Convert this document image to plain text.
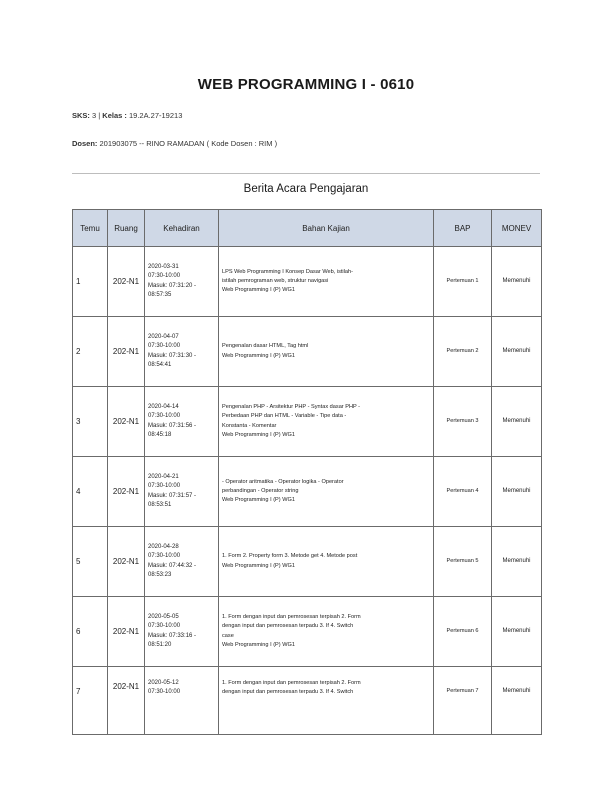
WEB PROGRAMMING I - 0610
SKS: 3 | Kelas : 19.2A.27-19213
Dosen: 201903075 -- RINO RAMADAN ( Kode Dosen : RIM )
Berita Acara Pengajaran
Temu	Ruang	Kehadiran	Bahan Kajian	BAP	MONEV
1	202-N1	2020-03-31
07:30-10:00
Masuk: 07:31:20 -
08:57:35	LPS Web Programming I Konsep Dasar Web, istilah-
istilah pemrograman web, struktur navigasi
Web Programming I (P) WG1	Pertemuan 1	Memenuhi
2	202-N1	2020-04-07
07:30-10:00
Masuk: 07:31:30 -
08:54:41	Pengenalan dasar HTML, Tag html
Web Programming I (P) WG1	Pertemuan 2	Memenuhi
3	202-N1	2020-04-14
07:30-10:00
Masuk: 07:31:56 -
08:45:18	Pengenalan PHP - Arsitektur PHP - Syntax dasar PHP -
Perbedaan PHP dan HTML - Variable - Tipe data -
Konstanta - Komentar
Web Programming I (P) WG1	Pertemuan 3	Memenuhi
4	202-N1	2020-04-21
07:30-10:00
Masuk: 07:31:57 -
08:53:51	- Operator aritmatika - Operator logika - Operator
perbandingan - Operator string
Web Programming I (P) WG1	Pertemuan 4	Memenuhi
5	202-N1	2020-04-28
07:30-10:00
Masuk: 07:44:32 -
08:53:23	1. Form 2. Property form 3. Metode get 4. Metode post
Web Programming I (P) WG1	Pertemuan 5	Memenuhi
6	202-N1	2020-05-05
07:30-10:00
Masuk: 07:33:16 -
08:51:20	1. Form dengan input dan pemrosesan terpisah 2. Form
dengan input dan pemrosesan terpadu 3. If 4. Switch
case
Web Programming I (P) WG1	Pertemuan 6	Memenuhi
7	202-N1	2020-05-12
07:30-10:00	1. Form dengan input dan pemrosesan terpisah 2. Form
dengan input dan pemrosesan terpadu 3. If 4. Switch	Pertemuan 7	Memenuhi
